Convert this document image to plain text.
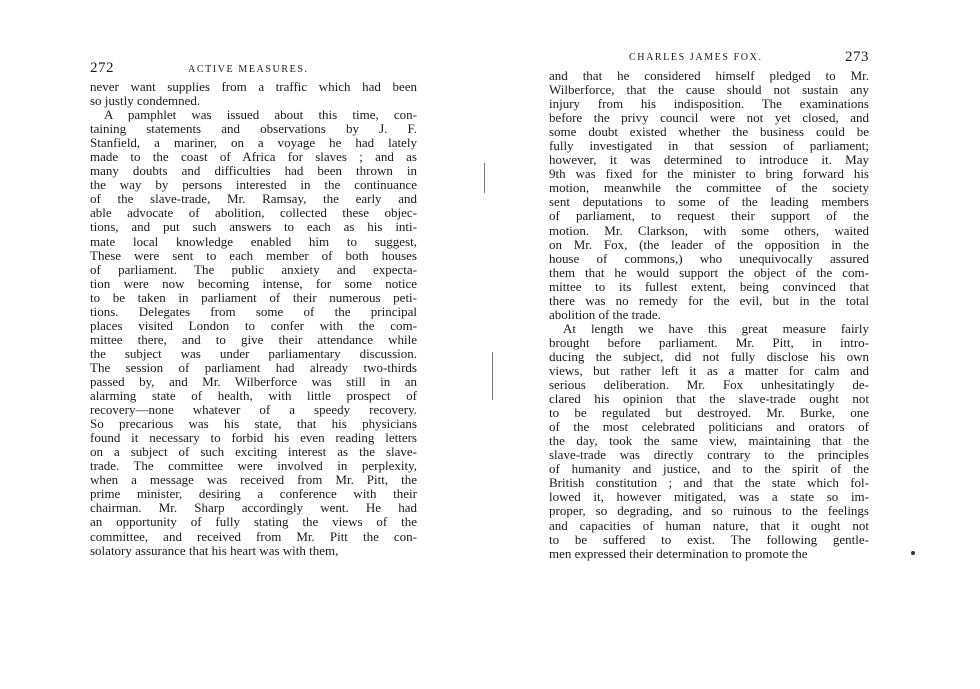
272	ACTIVE MEASURES.
never want supplies from a traffic which had been
so justly condemned.
A pamphlet was issued about this time, con-
taining statements and observations by J. F.
Stanfield, a mariner, on a voyage he had lately
made to the coast of Africa for slaves ; and as
many doubts and difficulties had been thrown in
the way by persons interested in the continuance
of the slave-trade, Mr. Ramsay, the early and
able advocate of abolition, collected these objec-
tions, and put such answers to each as his inti-
mate local knowledge enabled him to suggest,
These were sent to each member of both houses
of parliament. The public anxiety and expecta-
tion were now becoming intense, for some notice
to be taken in parliament of their numerous peti-
tions. Delegates from some of the principal
places visited London to confer with the com-
mittee there, and to give their attendance while
the subject was under parliamentary discussion.
The session of parliament had already two-thirds
passed by, and Mr. Wilberforce was still in an
alarming state of health, with little prospect of
recovery—none whatever of a speedy recovery.
So precarious was his state, that his physicians
found it necessary to forbid his even reading letters
on a subject of such exciting interest as the slave-
trade. The committee were involved in perplexity,
when a message was received from Mr. Pitt, the
prime minister, desiring a conference with their
chairman. Mr. Sharp accordingly went. He had
an opportunity of fully stating the views of the
committee, and received from Mr. Pitt the con-
solatory assurance that his heart was with them,
CHARLES JAMES FOX.	273
and that he considered himself pledged to Mr.
Wilberforce, that the cause should not sustain any
injury from his indisposition. The examinations
before the privy council were not yet closed, and
some doubt existed whether the business could be
fully investigated in that session of parliament;
however, it was determined to introduce it. May
9th was fixed for the minister to bring forward his
motion, meanwhile the committee of the society
sent deputations to some of the leading members
of parliament, to request their support of the
motion. Mr. Clarkson, with some others, waited
on Mr. Fox, (the leader of the opposition in the
house of commons,) who unequivocally assured
them that he would support the object of the com-
mittee to its fullest extent, being convinced that
there was no remedy for the evil, but in the total
abolition of the trade.
At length we have this great measure fairly
brought before parliament. Mr. Pitt, in intro-
ducing the subject, did not fully disclose his own
views, but rather left it as a matter for calm and
serious deliberation. Mr. Fox unhesitatingly de-
clared his opinion that the slave-trade ought not
to be regulated but destroyed. Mr. Burke, one
of the most celebrated politicians and orators of
the day, took the same view, maintaining that the
slave-trade was directly contrary to the principles
of humanity and justice, and to the spirit of the
British constitution ; and that the state which fol-
lowed it, however mitigated, was a state so im-
proper, so degrading, and so ruinous to the feelings
and capacities of human nature, that it ought not
to be suffered to exist. The following gentle-
men expressed their determination to promote the
